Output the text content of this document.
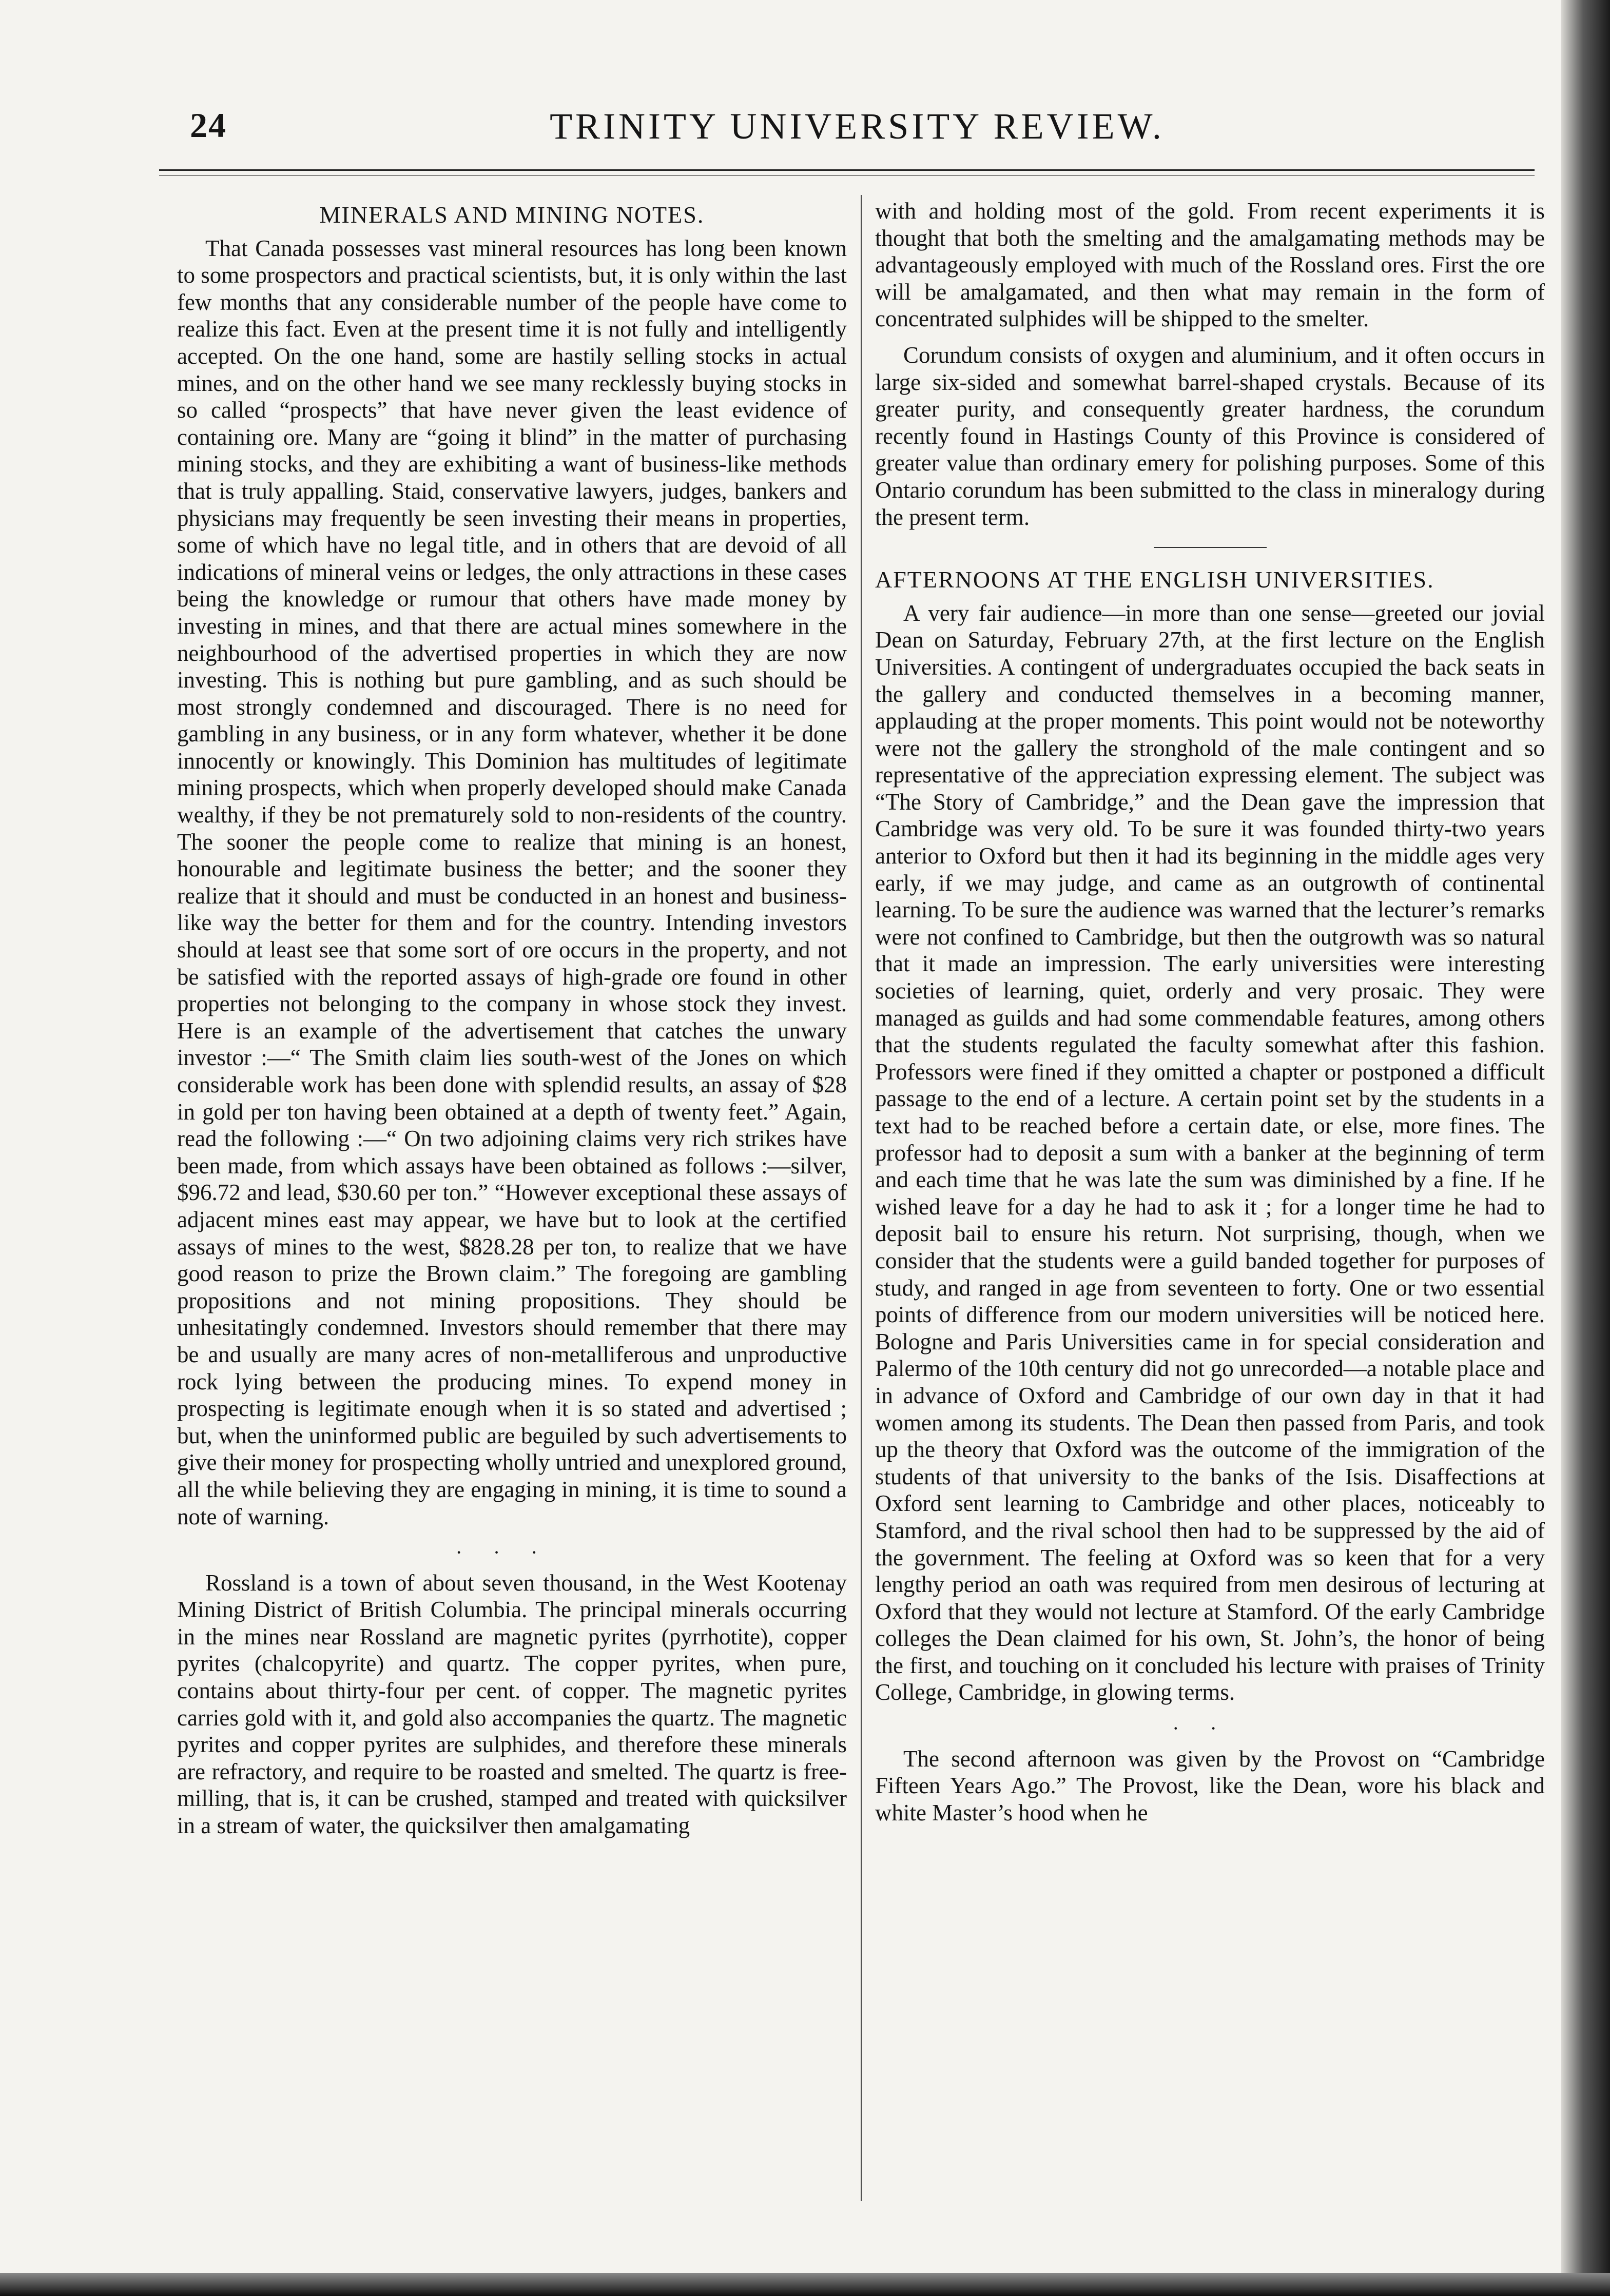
24	TRINITY UNIVERSITY REVIEW.
MINERALS AND MINING NOTES.

That Canada possesses vast mineral resources has long been known to some prospectors and practical scientists, but, it is only within the last few months that any considerable number of the people have come to realize this fact. Even at the present time it is not fully and intelligently accepted. On the one hand, some are hastily selling stocks in actual mines, and on the other hand we see many recklessly buying stocks in so called “prospects” that have never given the least evidence of containing ore. Many are “going it blind” in the matter of purchasing mining stocks, and they are exhibiting a want of business-like methods that is truly appalling. Staid, conservative lawyers, judges, bankers and physicians may frequently be seen investing their means in properties, some of which have no legal title, and in others that are devoid of all indications of mineral veins or ledges, the only attractions in these cases being the knowledge or rumour that others have made money by investing in mines, and that there are actual mines somewhere in the neighbourhood of the advertised properties in which they are now investing. This is nothing but pure gambling, and as such should be most strongly condemned and discouraged. There is no need for gambling in any business, or in any form whatever, whether it be done innocently or knowingly. This Dominion has multitudes of legitimate mining prospects, which when properly developed should make Canada wealthy, if they be not prematurely sold to non-residents of the country. The sooner the people come to realize that mining is an honest, honourable and legitimate business the better; and the sooner they realize that it should and must be conducted in an honest and business-like way the better for them and for the country. Intending investors should at least see that some sort of ore occurs in the property, and not be satisfied with the reported assays of high-grade ore found in other properties not belonging to the company in whose stock they invest. Here is an example of the advertisement that catches the unwary investor :—“ The Smith claim lies south-west of the Jones on which considerable work has been done with splendid results, an assay of $28 in gold per ton having been obtained at a depth of twenty feet.” Again, read the following :—“ On two adjoining claims very rich strikes have been made, from which assays have been obtained as follows :—silver, $96.72 and lead, $30.60 per ton.” “However exceptional these assays of adjacent mines east may appear, we have but to look at the certified assays of mines to the west, $828.28 per ton, to realize that we have good reason to prize the Brown claim.” The foregoing are gambling propositions and not mining propositions. They should be unhesitatingly condemned. Investors should remember that there may be and usually are many acres of non-metalliferous and unproductive rock lying between the producing mines. To expend money in prospecting is legitimate enough when it is so stated and advertised ; but, when the uninformed public are beguiled by such advertisements to give their money for prospecting wholly untried and unexplored ground, all the while believing they are engaging in mining, it is time to sound a note of warning.

···

Rossland is a town of about seven thousand, in the West Kootenay Mining District of British Columbia. The principal minerals occurring in the mines near Rossland are magnetic pyrites (pyrrhotite), copper pyrites (chalcopyrite) and quartz. The copper pyrites, when pure, contains about thirty-four per cent. of copper. The magnetic pyrites carries gold with it, and gold also accompanies the quartz. The magnetic pyrites and copper pyrites are sulphides, and therefore these minerals are refractory, and require to be roasted and smelted. The quartz is free-milling, that is, it can be crushed, stamped and treated with quicksilver in a stream of water, the quicksilver then amalgamating

with and holding most of the gold. From recent experiments it is thought that both the smelting and the amalgamating methods may be advantageously employed with much of the Rossland ores. First the ore will be amalgamated, and then what may remain in the form of concentrated sulphides will be shipped to the smelter.

Corundum consists of oxygen and aluminium, and it often occurs in large six-sided and somewhat barrel-shaped crystals. Because of its greater purity, and consequently greater hardness, the corundum recently found in Hastings County of this Province is considered of greater value than ordinary emery for polishing purposes. Some of this Ontario corundum has been submitted to the class in mineralogy during the present term.

AFTERNOONS AT THE ENGLISH UNIVERSITIES.

A very fair audience—in more than one sense—greeted our jovial Dean on Saturday, February 27th, at the first lecture on the English Universities. A contingent of undergraduates occupied the back seats in the gallery and conducted themselves in a becoming manner, applauding at the proper moments. This point would not be noteworthy were not the gallery the stronghold of the male contingent and so representative of the appreciation expressing element. The subject was “The Story of Cambridge,” and the Dean gave the impression that Cambridge was very old. To be sure it was founded thirty-two years anterior to Oxford but then it had its beginning in the middle ages very early, if we may judge, and came as an outgrowth of continental learning. To be sure the audience was warned that the lecturer’s remarks were not confined to Cambridge, but then the outgrowth was so natural that it made an impression. The early universities were interesting societies of learning, quiet, orderly and very prosaic. They were managed as guilds and had some commendable features, among others that the students regulated the faculty somewhat after this fashion. Professors were fined if they omitted a chapter or postponed a difficult passage to the end of a lecture. A certain point set by the students in a text had to be reached before a certain date, or else, more fines. The professor had to deposit a sum with a banker at the beginning of term and each time that he was late the sum was diminished by a fine. If he wished leave for a day he had to ask it ; for a longer time he had to deposit bail to ensure his return. Not surprising, though, when we consider that the students were a guild banded together for purposes of study, and ranged in age from seventeen to forty. One or two essential points of difference from our modern universities will be noticed here. Bologne and Paris Universities came in for special consideration and Palermo of the 10th century did not go unrecorded—a notable place and in advance of Oxford and Cambridge of our own day in that it had women among its students. The Dean then passed from Paris, and took up the theory that Oxford was the outcome of the immigration of the students of that university to the banks of the Isis. Disaffections at Oxford sent learning to Cambridge and other places, noticeably to Stamford, and the rival school then had to be suppressed by the aid of the government. The feeling at Oxford was so keen that for a very lengthy period an oath was required from men desirous of lecturing at Oxford that they would not lecture at Stamford. Of the early Cambridge colleges the Dean claimed for his own, St. John’s, the honor of being the first, and touching on it concluded his lecture with praises of Trinity College, Cambridge, in glowing terms.

··

The second afternoon was given by the Provost on “Cambridge Fifteen Years Ago.” The Provost, like the Dean, wore his black and white Master’s hood when he
